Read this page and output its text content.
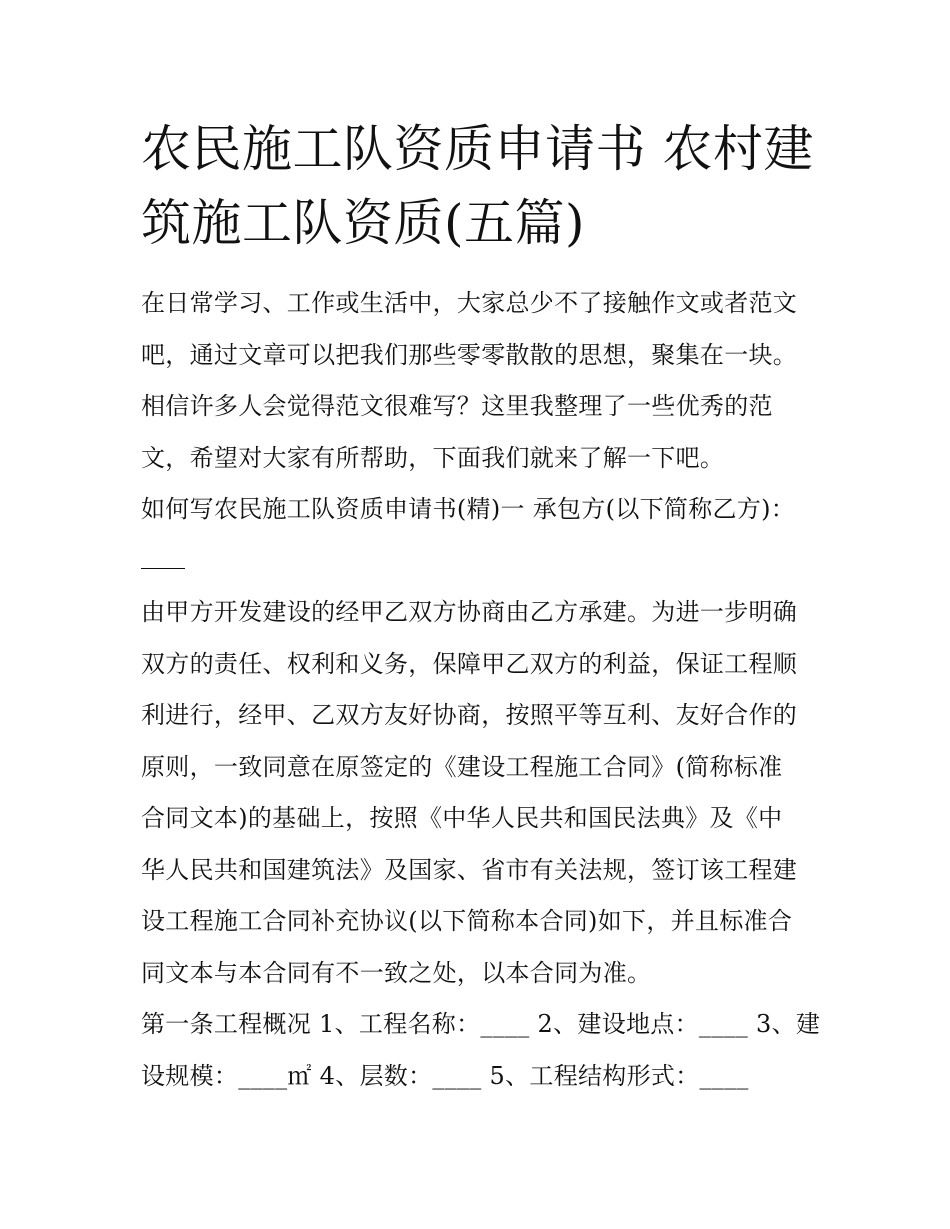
农民施工队资质申请书 农村建
筑施工队资质(五篇)

在日常学习、工作或生活中，大家总少不了接触作文或者范文
吧，通过文章可以把我们那些零零散散的思想，聚集在一块。
相信许多人会觉得范文很难写？这里我整理了一些优秀的范
文，希望对大家有所帮助，下面我们就来了解一下吧。

如何写农民施工队资质申请书(精)一 承包方(以下简称乙方)：

由甲方开发建设的经甲乙双方协商由乙方承建。为进一步明确
双方的责任、权利和义务，保障甲乙双方的利益，保证工程顺
利进行，经甲、乙双方友好协商，按照平等互利、友好合作的
原则，一致同意在原签定的《建设工程施工合同》(简称标准
合同文本)的基础上，按照《中华人民共和国民法典》及《中
华人民共和国建筑法》及国家、省市有关法规，签订该工程建
设工程施工合同补充协议(以下简称本合同)如下，并且标准合
同文本与本合同有不一致之处，以本合同为准。

第一条工程概况 1、工程名称：____ 2、建设地点：____ 3、建
设规模：____㎡ 4、层数：____ 5、工程结构形式：____
